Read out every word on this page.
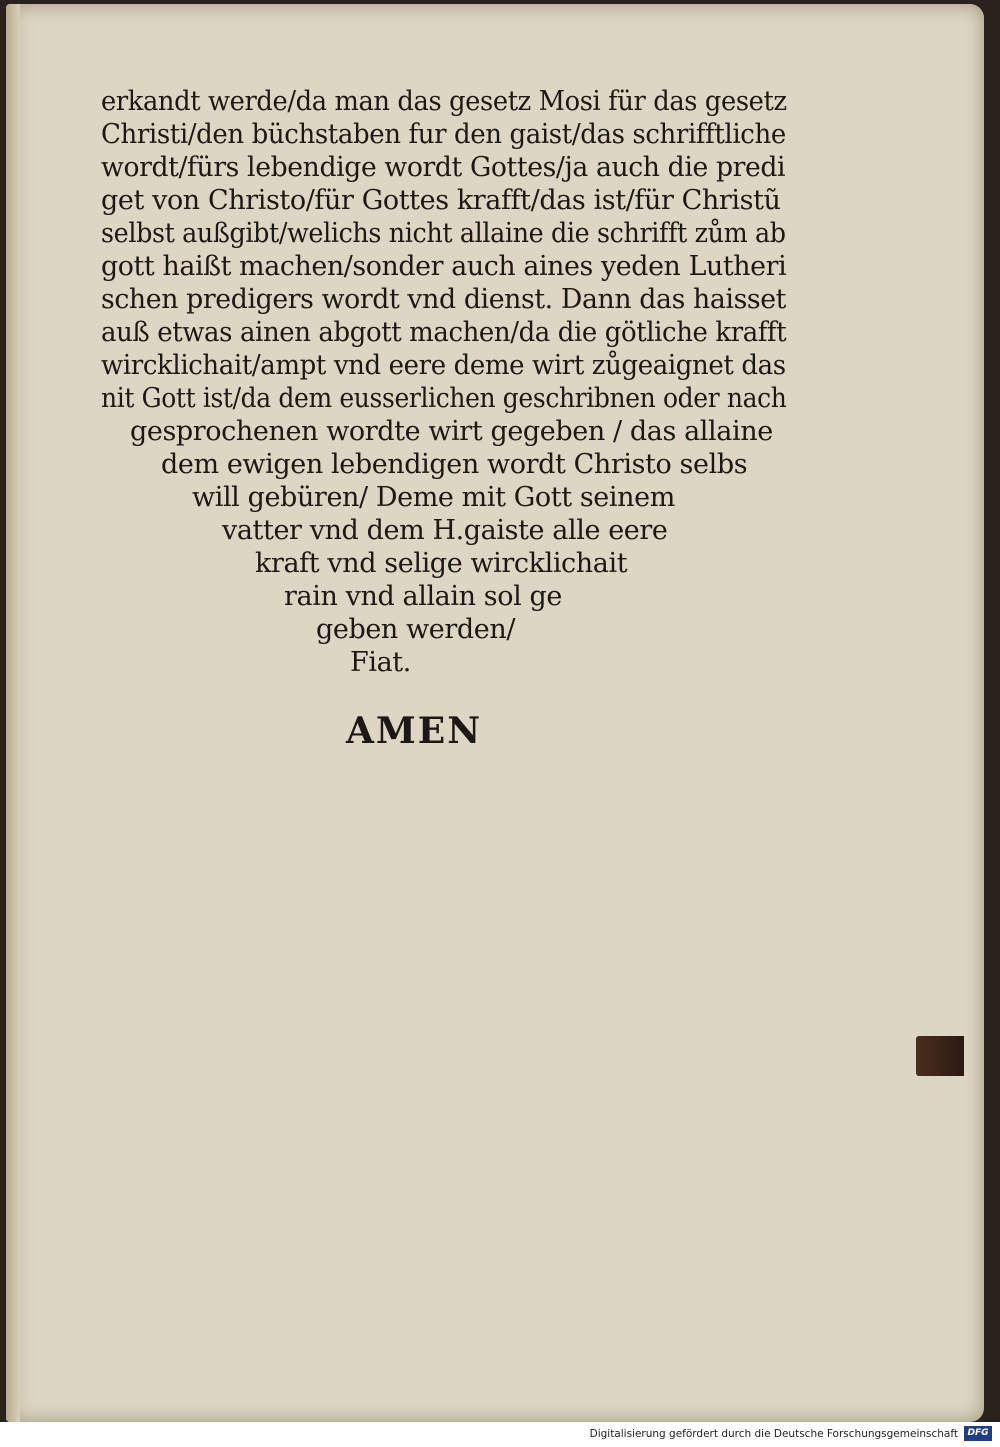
erkandt werde/da man das gesetz Mosi für das gesetz
Christi/den büchstaben fur den gaist/das schrifftliche
wordt/fürs lebendige wordt Gottes/ja auch die predi
get von Christo/für Gottes krafft/das ist/für Christũ
selbst außgibt/welichs nicht allaine die schrifft zům ab
gott haißt machen/sonder auch aines yeden Lutheri
schen predigers wordt vnd dienst. Dann das haisset
auß etwas ainen abgott machen/da die götliche krafft
wircklichait/ampt vnd eere deme wirt zůgeaignet das
nit Gott ist/da dem eusserlichen geschribnen oder nach
gesprochenen wordte wirt gegeben / das allaine
dem ewigen lebendigen wordt Christo selbs
will gebüren/ Deme mit Gott seinem
vatter vnd dem H.gaiste alle eere
kraft vnd selige wircklichait
rain vnd allain sol ge
geben werden/
Fiat.
AMEN
Digitalisierung gefördert durch die Deutsche Forschungsgemeinschaft	DFG
